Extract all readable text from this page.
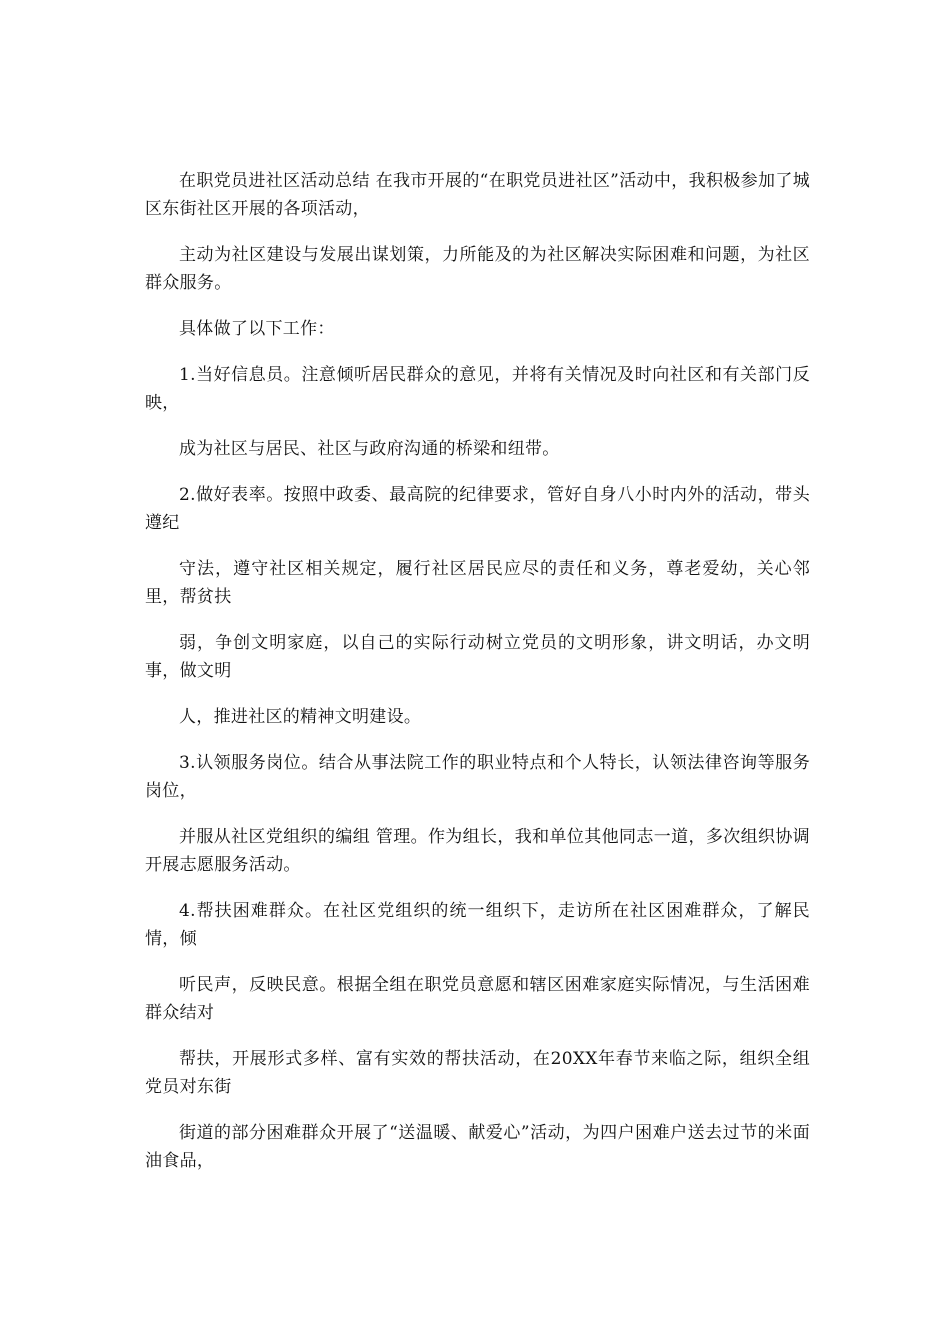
在职党员进社区活动总结 在我市开展的“在职党员进社区”活动中，我积极参加了城区东街社区开展的各项活动，

主动为社区建设与发展出谋划策，力所能及的为社区解决实际困难和问题，为社区群众服务。

具体做了以下工作：

1.当好信息员。注意倾听居民群众的意见，并将有关情况及时向社区和有关部门反映，

成为社区与居民、社区与政府沟通的桥梁和纽带。

2.做好表率。按照中政委、最高院的纪律要求，管好自身八小时内外的活动，带头遵纪

守法，遵守社区相关规定，履行社区居民应尽的责任和义务，尊老爱幼，关心邻里，帮贫扶

弱，争创文明家庭，以自己的实际行动树立党员的文明形象，讲文明话，办文明事，做文明

人，推进社区的精神文明建设。

3.认领服务岗位。结合从事法院工作的职业特点和个人特长，认领法律咨询等服务岗位，

并服从社区党组织的编组 管理。作为组长，我和单位其他同志一道，多次组织协调开展志愿服务活动。

4.帮扶困难群众。在社区党组织的统一组织下，走访所在社区困难群众，了解民情，倾

听民声，反映民意。根据全组在职党员意愿和辖区困难家庭实际情况，与生活困难群众结对

帮扶，开展形式多样、富有实效的帮扶活动，在20XX年春节来临之际，组织全组党员对东街

街道的部分困难群众开展了“送温暖、献爱心”活动，为四户困难户送去过节的米面油食品，
